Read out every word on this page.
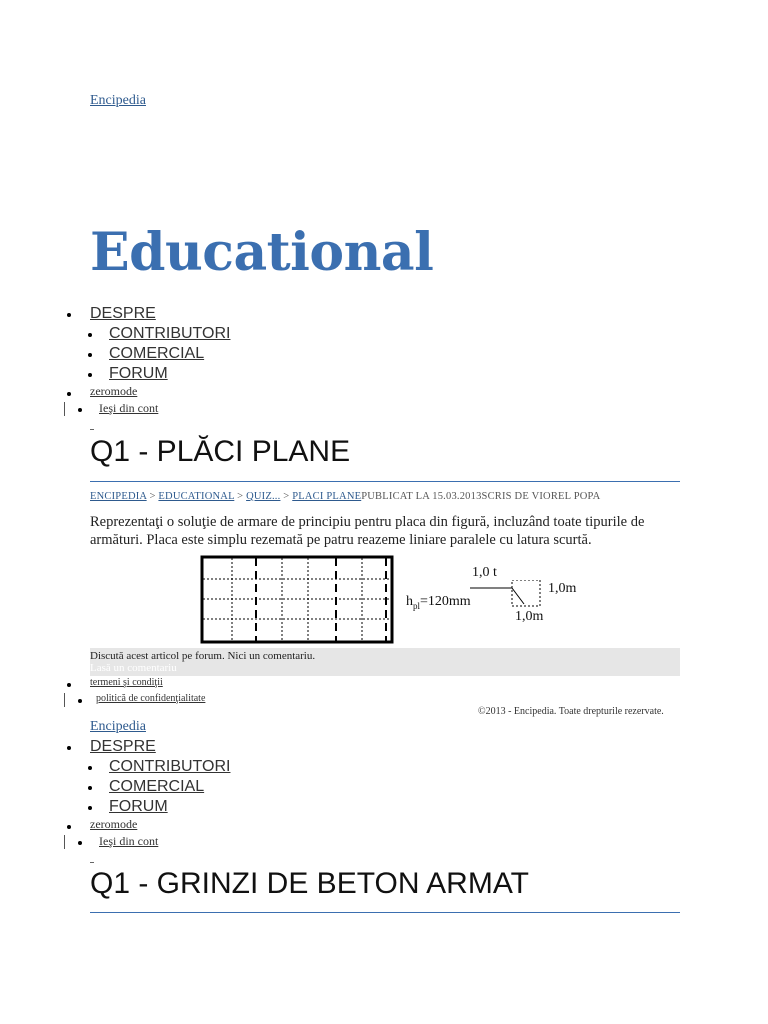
Encipedia
Educational
DESPRE
CONTRIBUTORI
COMERCIAL
FORUM
zeromode
Ieşi din cont
Q1 - PLĂCI PLANE
ENCIPEDIA > EDUCATIONAL > QUIZ... > PLACI PLANEPUBLICAT LA 15.03.2013SCRIS DE VIOREL POPA
Reprezentaţi o soluţie de armare de principiu pentru placa din figură, incluzând toate tipurile de armături. Placa este simplu rezemată pe patru reazeme liniare paralele cu latura scurtă.
$h_{pl}=120mm$
1,0 t
1,0m
1,0m
Discută acest articol pe forum. Nici un comentariu.
Lasă un comentariu
termeni şi condiţii
politică de confidenţialitate
©2013 - Encipedia. Toate drepturile rezervate.
Encipedia
DESPRE
CONTRIBUTORI
COMERCIAL
FORUM
zeromode
Ieşi din cont
Q1 - GRINZI DE BETON ARMAT
